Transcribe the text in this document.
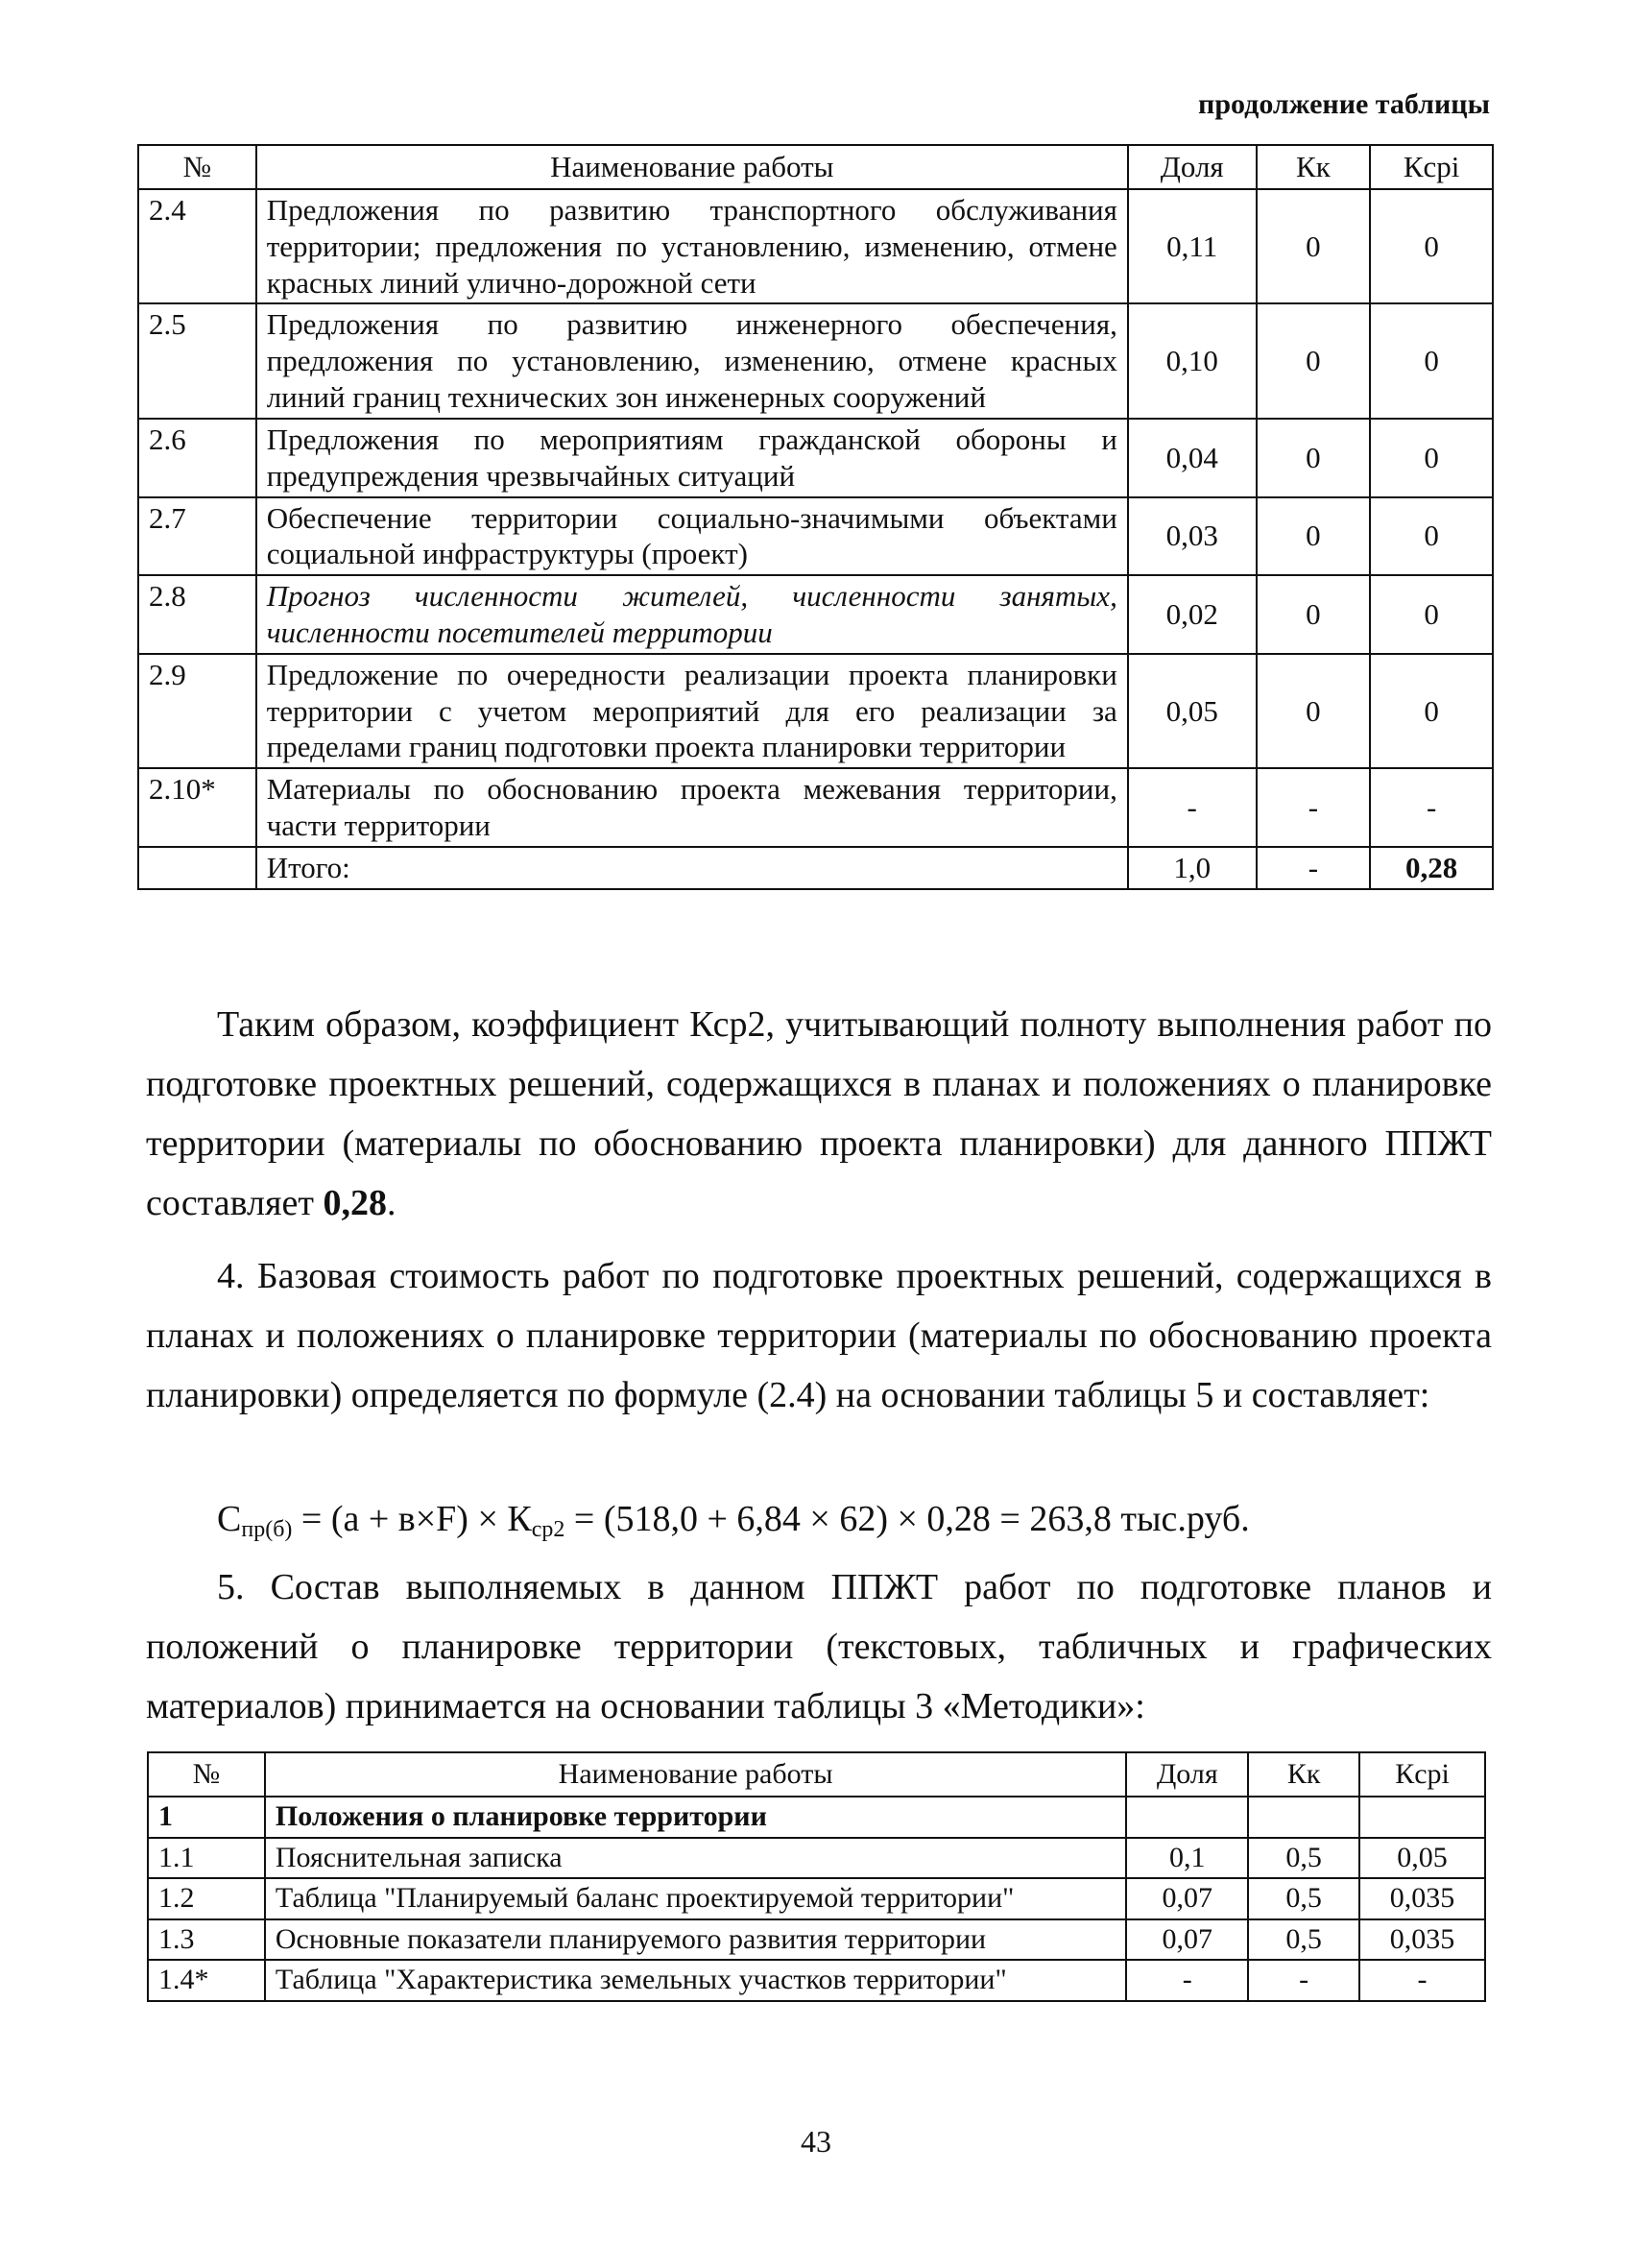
продолжение таблицы
№	Наименование работы	Доля	Кк	Кcpi
2.4	Предложения по развитию транспортного обслуживания территории; предложения по установлению, изменению, отмене красных линий улично-дорожной сети	0,11	0	0
2.5	Предложения по развитию инженерного обеспечения, предложения по установлению, изменению, отмене красных линий границ технических зон инженерных сооружений	0,10	0	0
2.6	Предложения по мероприятиям гражданской обороны и предупреждения чрезвычайных ситуаций	0,04	0	0
2.7	Обеспечение территории социально-значимыми объектами социальной инфраструктуры (проект)	0,03	0	0
2.8	Прогноз численности жителей, численности занятых, численности посетителей территории	0,02	0	0
2.9	Предложение по очередности реализации проекта планировки территории с учетом мероприятий для его реализации за пределами границ подготовки проекта планировки территории	0,05	0	0
2.10*	Материалы по обоснованию проекта межевания территории, части территории	-	-	-
	Итого:	1,0	-	0,28

Таким образом, коэффициент Кср2, учитывающий полноту выполнения работ по подготовке проектных решений, содержащихся в планах и положениях о планировке территории (материалы по обоснованию проекта планировки) для данного ППЖТ составляет 0,28.

4. Базовая стоимость работ по подготовке проектных решений, содержащихся в планах и положениях о планировке территории (материалы по обоснованию проекта планировки) определяется по формуле (2.4) на основании таблицы 5 и составляет:

$С_{пр(б)} = (а + в\times F) \times К_{ср2} = (518,0 + 6,84 \times 62) \times 0,28 = 263,8$ тыс.руб.

5. Состав выполняемых в данном ППЖТ работ по подготовке планов и положений о планировке территории (текстовых, табличных и графических материалов) принимается на основании таблицы 3 «Методики»:

№	Наименование работы	Доля	Кк	Кcpi
1	Положения о планировке территории			
1.1	Пояснительная записка	0,1	0,5	0,05
1.2	Таблица "Планируемый баланс проектируемой территории"	0,07	0,5	0,035
1.3	Основные показатели планируемого развития территории	0,07	0,5	0,035
1.4*	Таблица "Характеристика земельных участков территории"	-	-	-
43
